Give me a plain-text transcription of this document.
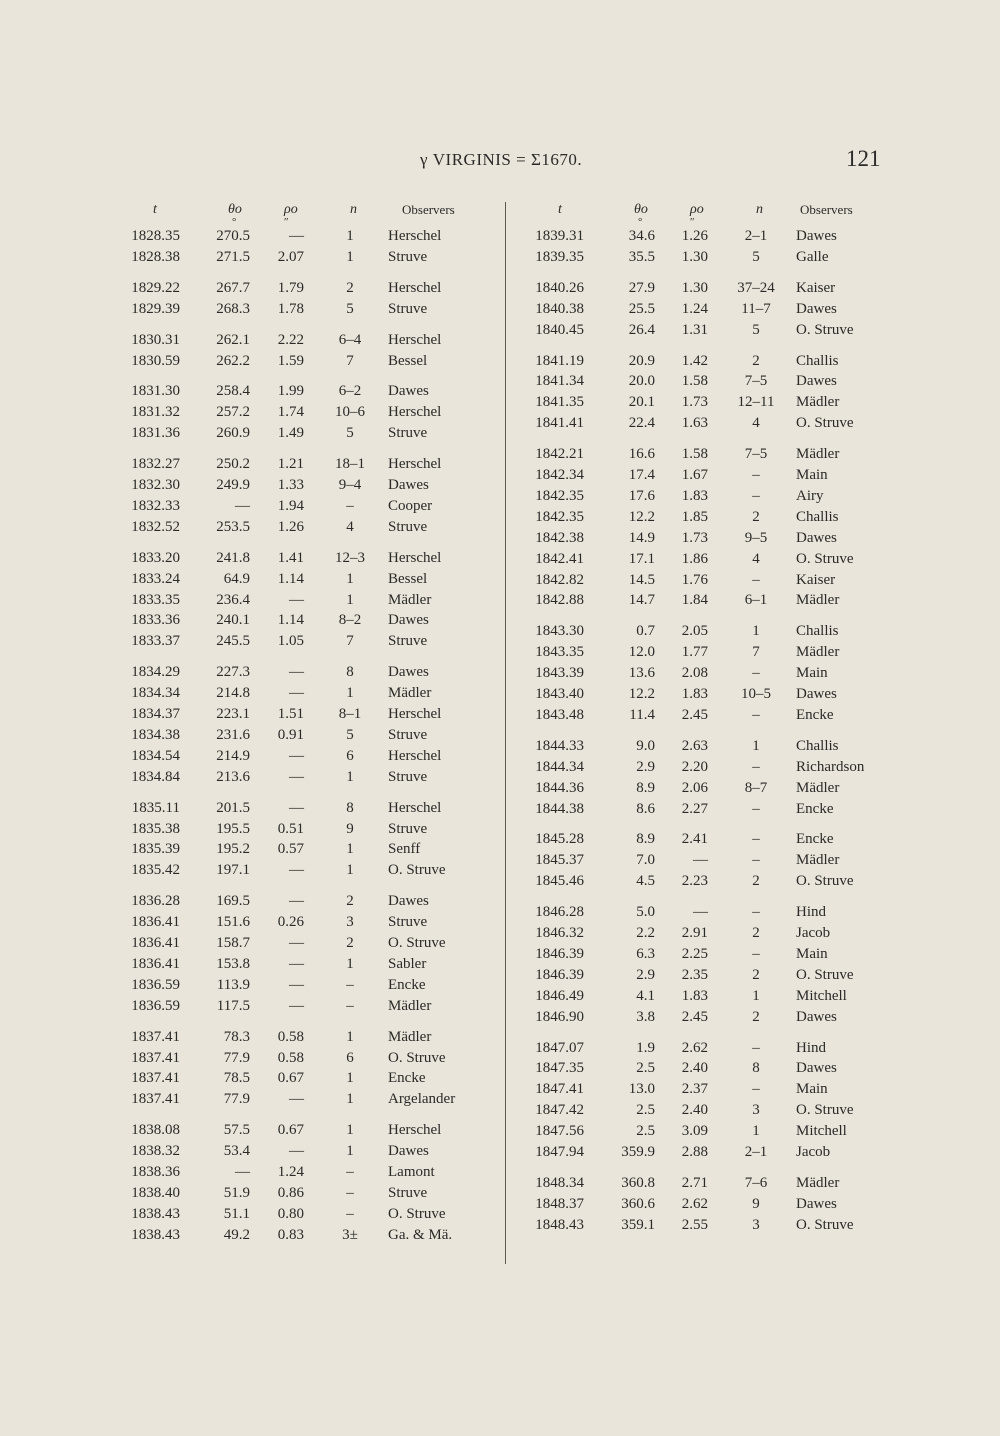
γ VIRGINIS = Σ1670.	121
t	θo	ρo	n	Observers
°	″
t	θo	ρo	n	Observers
°	″
1828.35	270.5	—	1	Herschel
1828.38	271.5	2.07	1	Struve
1829.22	267.7	1.79	2	Herschel
1829.39	268.3	1.78	5	Struve
1830.31	262.1	2.22	6–4	Herschel
1830.59	262.2	1.59	7	Bessel
1831.30	258.4	1.99	6–2	Dawes
1831.32	257.2	1.74	10–6	Herschel
1831.36	260.9	1.49	5	Struve
1832.27	250.2	1.21	18–1	Herschel
1832.30	249.9	1.33	9–4	Dawes
1832.33	—	1.94	–	Cooper
1832.52	253.5	1.26	4	Struve
1833.20	241.8	1.41	12–3	Herschel
1833.24	64.9	1.14	1	Bessel
1833.35	236.4	—	1	Mädler
1833.36	240.1	1.14	8–2	Dawes
1833.37	245.5	1.05	7	Struve
1834.29	227.3	—	8	Dawes
1834.34	214.8	—	1	Mädler
1834.37	223.1	1.51	8–1	Herschel
1834.38	231.6	0.91	5	Struve
1834.54	214.9	—	6	Herschel
1834.84	213.6	—	1	Struve
1835.11	201.5	—	8	Herschel
1835.38	195.5	0.51	9	Struve
1835.39	195.2	0.57	1	Senff
1835.42	197.1	—	1	O. Struve
1836.28	169.5	—	2	Dawes
1836.41	151.6	0.26	3	Struve
1836.41	158.7	—	2	O. Struve
1836.41	153.8	—	1	Sabler
1836.59	113.9	—	–	Encke
1836.59	117.5	—	–	Mädler
1837.41	78.3	0.58	1	Mädler
1837.41	77.9	0.58	6	O. Struve
1837.41	78.5	0.67	1	Encke
1837.41	77.9	—	1	Argelander
1838.08	57.5	0.67	1	Herschel
1838.32	53.4	—	1	Dawes
1838.36	—	1.24	–	Lamont
1838.40	51.9	0.86	–	Struve
1838.43	51.1	0.80	–	O. Struve
1838.43	49.2	0.83	3±	Ga. & Mä.
1839.31	34.6	1.26	2–1	Dawes
1839.35	35.5	1.30	5	Galle
1840.26	27.9	1.30	37–24	Kaiser
1840.38	25.5	1.24	11–7	Dawes
1840.45	26.4	1.31	5	O. Struve
1841.19	20.9	1.42	2	Challis
1841.34	20.0	1.58	7–5	Dawes
1841.35	20.1	1.73	12–11	Mädler
1841.41	22.4	1.63	4	O. Struve
1842.21	16.6	1.58	7–5	Mädler
1842.34	17.4	1.67	–	Main
1842.35	17.6	1.83	–	Airy
1842.35	12.2	1.85	2	Challis
1842.38	14.9	1.73	9–5	Dawes
1842.41	17.1	1.86	4	O. Struve
1842.82	14.5	1.76	–	Kaiser
1842.88	14.7	1.84	6–1	Mädler
1843.30	0.7	2.05	1	Challis
1843.35	12.0	1.77	7	Mädler
1843.39	13.6	2.08	–	Main
1843.40	12.2	1.83	10–5	Dawes
1843.48	11.4	2.45	–	Encke
1844.33	9.0	2.63	1	Challis
1844.34	2.9	2.20	–	Richardson
1844.36	8.9	2.06	8–7	Mädler
1844.38	8.6	2.27	–	Encke
1845.28	8.9	2.41	–	Encke
1845.37	7.0	—	–	Mädler
1845.46	4.5	2.23	2	O. Struve
1846.28	5.0	—	–	Hind
1846.32	2.2	2.91	2	Jacob
1846.39	6.3	2.25	–	Main
1846.39	2.9	2.35	2	O. Struve
1846.49	4.1	1.83	1	Mitchell
1846.90	3.8	2.45	2	Dawes
1847.07	1.9	2.62	–	Hind
1847.35	2.5	2.40	8	Dawes
1847.41	13.0	2.37	–	Main
1847.42	2.5	2.40	3	O. Struve
1847.56	2.5	3.09	1	Mitchell
1847.94	359.9	2.88	2–1	Jacob
1848.34	360.8	2.71	7–6	Mädler
1848.37	360.6	2.62	9	Dawes
1848.43	359.1	2.55	3	O. Struve
